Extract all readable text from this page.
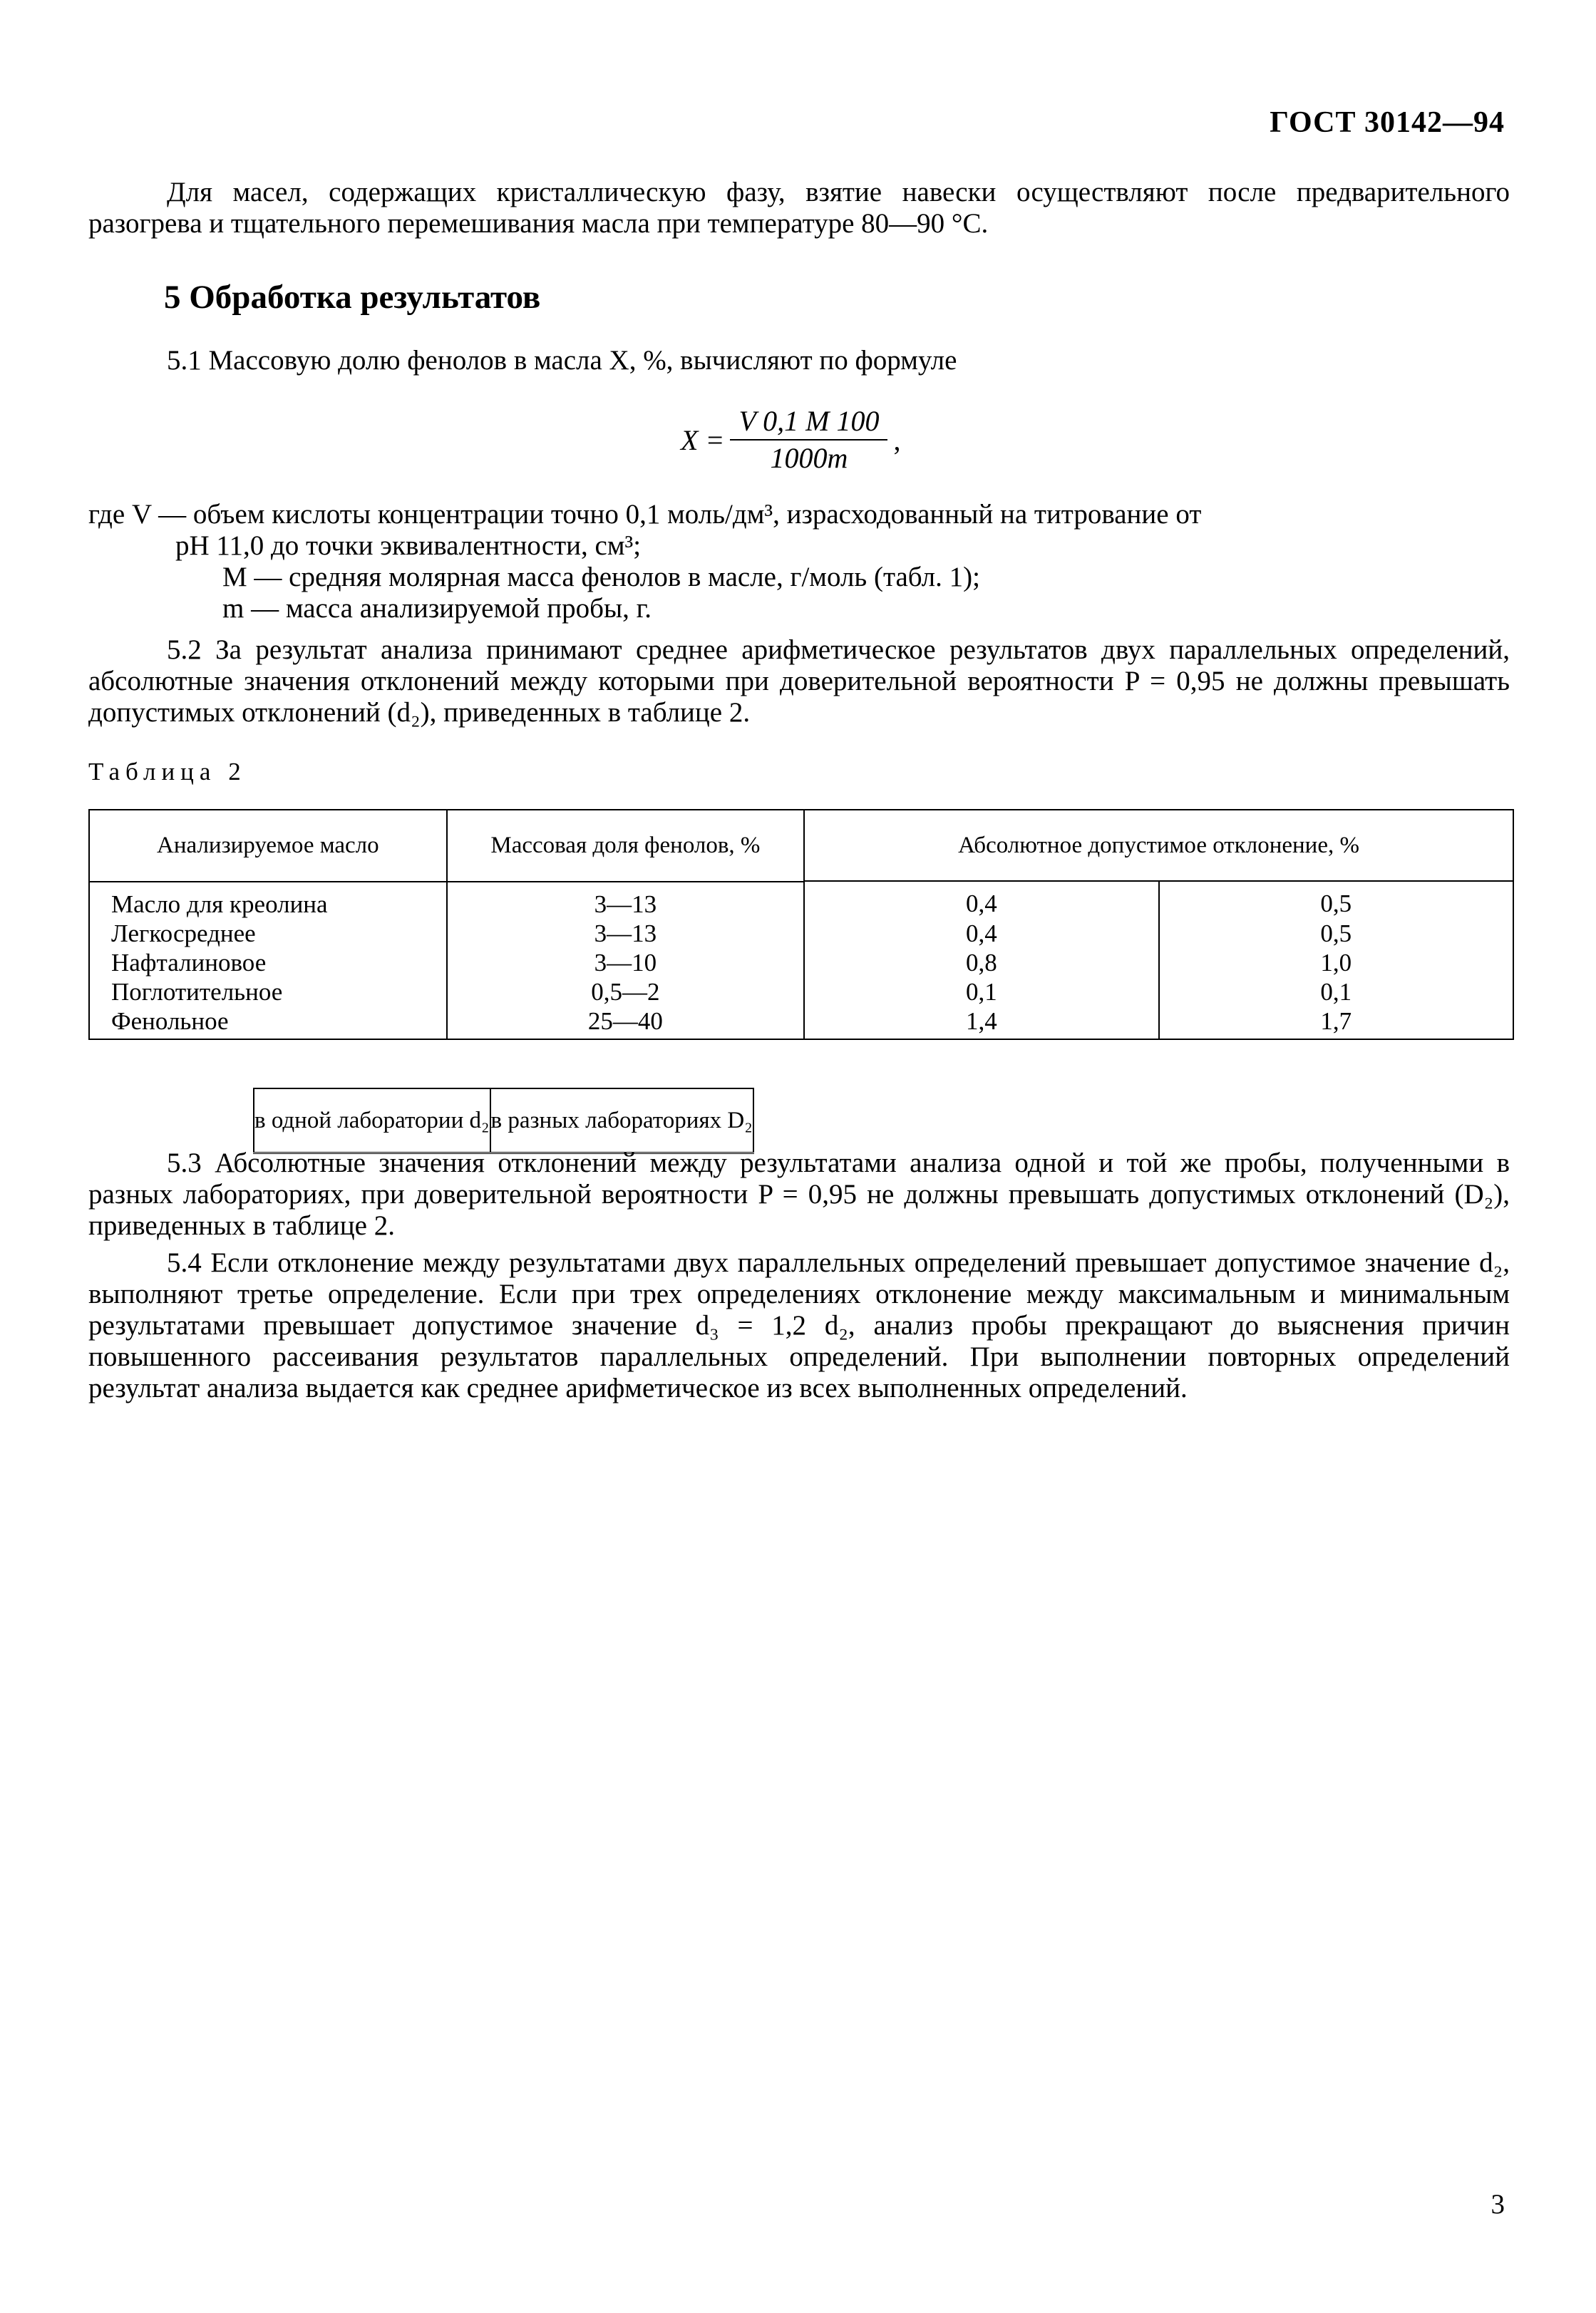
ГОСТ 30142—94
Для масел, содержащих кристаллическую фазу, взятие навески осуществляют после предварительного разогрева и тщательного перемешивания масла при температуре 80—90 °С.
5 Обработка результатов
5.1 Массовую долю фенолов в масла X, %, вычисляют по формуле
$X = \frac{V 0,1 M 100}{1000m}$ ,
где V — объем кислоты концентрации точно 0,1 моль/дм³, израсходованный на титрование от
pH 11,0 до точки эквивалентности, см³;
M — средняя молярная масса фенолов в масле, г/моль (табл. 1);
m — масса анализируемой пробы, г.
5.2 За результат анализа принимают среднее арифметическое результатов двух параллельных определений, абсолютные значения отклонений между которыми при доверительной вероятности P = 0,95 не должны превышать допустимых отклонений (d₂), приведенных в таблице 2.
Таблица 2
Анализируемое масло	Массовая доля фенолов, %	Абсолютное допустимое отклонение, %

в одной лаборатории d₂	в разных лабораториях D₂
Масло для креолина	3—13	0,4	0,5
Легкосреднее	3—13	0,4	0,5
Нафталиновое	3—10	0,8	1,0
Поглотительное	0,5—2	0,1	0,1
Фенольное	25—40	1,4	1,7
5.3 Абсолютные значения отклонений между результатами анализа одной и той же пробы, полученными в разных лабораториях, при доверительной вероятности P = 0,95 не должны превышать допустимых отклонений (D₂), приведенных в таблице 2.
5.4 Если отклонение между результатами двух параллельных определений превышает допустимое значение d₂, выполняют третье определение. Если при трех определениях отклонение между максимальным и минимальным результатами превышает допустимое значение d₃ = 1,2 d₂, анализ пробы прекращают до выяснения причин повышенного рассеивания результатов параллельных определений. При выполнении повторных определений результат анализа выдается как среднее арифметическое из всех выполненных определений.
3
